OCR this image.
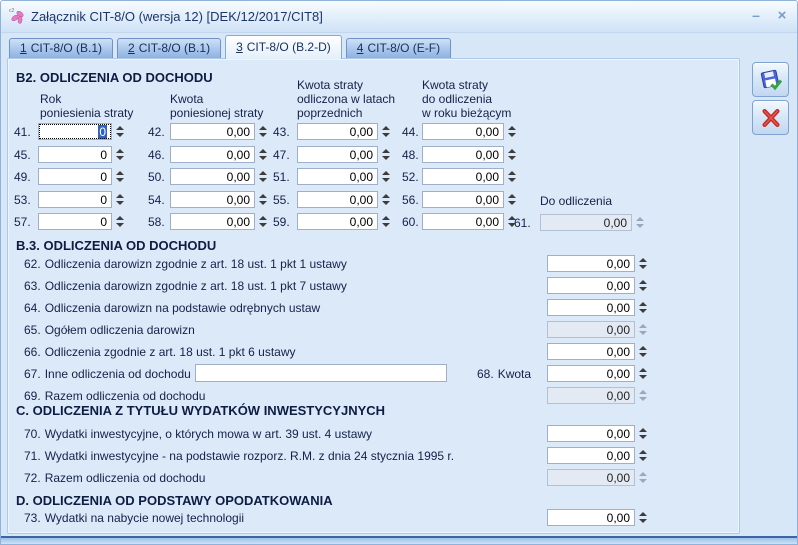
c2 Załącznik CIT-8/O (wersja 12) [DEK/12/2017/CIT8]	–	×
1 CIT-8/O (B.1)	2 CIT-8/O (B.1)	3 CIT-8/O (B.2-D)	4 CIT-8/O (E-F)
B2. ODLICZENIA OD DOCHODU
B.3. ODLICZENIA OD DOCHODU
C. ODLICZENIA Z TYTUŁU WYDATKÓW INWESTYCYJNYCH
D. ODLICZENIA OD PODSTAWY OPODATKOWANIA
Do odliczenia
61.	0,00
Rok
poniesienia straty
Kwota
poniesionej straty
Kwota straty
odliczona w latach
poprzednich
Kwota straty
do odliczenia
w roku bieżącym
41.	0	42.	0,00	43.	0,00	44.	0,00
45.	0	46.	0,00	47.	0,00	48.	0,00
49.	0	50.	0,00	51.	0,00	52.	0,00
53.	0	54.	0,00	55.	0,00	56.	0,00
57.	0	58.	0,00	59.	0,00	60.	0,00
62. Odliczenia darowizn zgodnie z art. 18 ust. 1 pkt 1 ustawy	0,00
63. Odliczenia darowizn zgodnie z art. 18 ust. 1 pkt 7 ustawy	0,00
64. Odliczenia darowizn na podstawie odrębnych ustaw	0,00
65. Ogółem odliczenia darowizn	0,00
66. Odliczenia zgodnie z art. 18 ust. 1 pkt 6 ustawy	0,00
67. Inne odliczenia od dochodu	68. Kwota	0,00
69. Razem odliczenia od dochodu	0,00
70. Wydatki inwestycyjne, o których mowa w art. 39 ust. 4 ustawy	0,00
71. Wydatki inwestycyjne - na podstawie rozporz. R.M. z dnia 24 stycznia 1995 r.	0,00
72. Razem odliczenia od dochodu	0,00
73. Wydatki na nabycie nowej technologii	0,00
